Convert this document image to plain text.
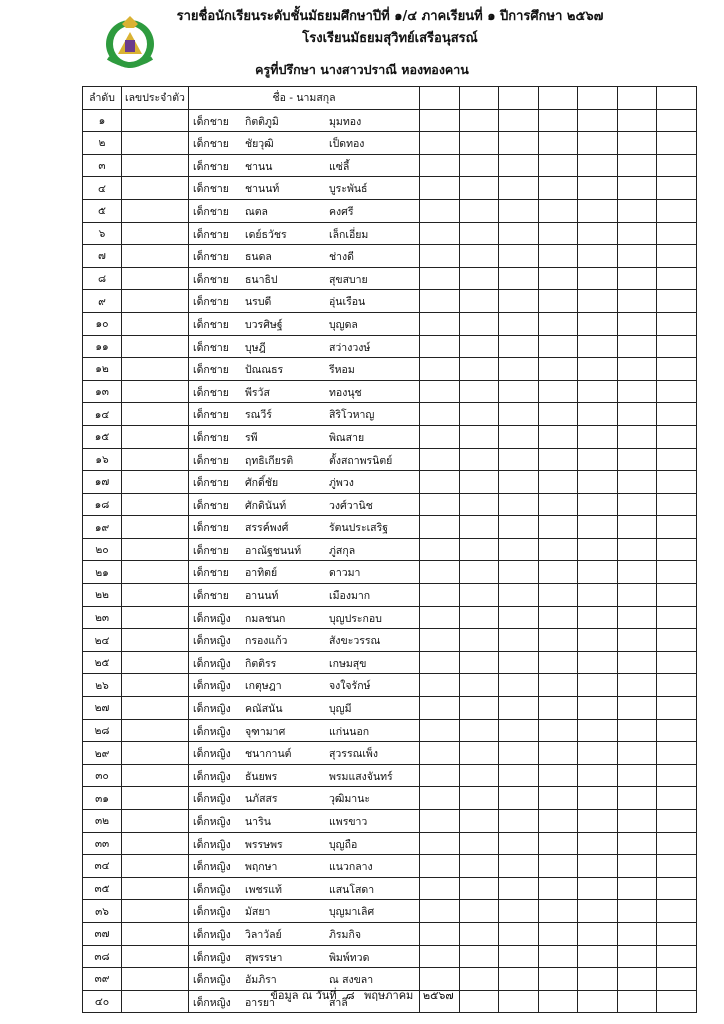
รายชื่อนักเรียนระดับชั้นมัธยมศึกษาปีที่ ๑/๔ ภาคเรียนที่ ๑ ปีการศึกษา ๒๕๖๗
โรงเรียนมัธยมสุวิทย์เสรีอนุสรณ์
ครูที่ปรึกษา นางสาวปราณี หองทองคาน
ลำดับ	เลขประจำตัว	ชื่อ - นามสกุล							
๑		เด็กชาย กิตติภูมิ มุมทอง							

๒		เด็กชาย ชัยวุฒิ เป็ดทอง							

๓		เด็กชาย ชานน แซ่ลี้							

๔		เด็กชาย ชานนท์ บูระพันธ์							

๕		เด็กชาย ณตล คงศรี							

๖		เด็กชาย เดย์ธวัชร เล็กเอี่ยม							

๗		เด็กชาย ธนดล ช่างดี							

๘		เด็กชาย ธนาธิป สุขสบาย							

๙		เด็กชาย นรบดี อุ่นเรือน							

๑๐		เด็กชาย บวรศิษฐ์ บุญดล							

๑๑		เด็กชาย บุษฎี สว่างวงษ์							

๑๒		เด็กชาย ปัณณธร รีหอม							

๑๓		เด็กชาย พีรวัส ทองนุช							

๑๔		เด็กชาย รณวีร์ สิริโวหาญ							

๑๕		เด็กชาย รพี พิณสาย							

๑๖		เด็กชาย ฤทธิเกียรติ ตั้งสถาพรนิตย์							

๑๗		เด็กชาย ศักดิ์ชัย ภู่พวง							

๑๘		เด็กชาย ศักดินันท์ วงศ์วานิช							

๑๙		เด็กชาย สรรค์พงศ์ รัตนประเสริฐ							

๒๐		เด็กชาย อาณัฐชนนท์ ภู่สกุล							

๒๑		เด็กชาย อาทิตย์ ดาวมา							

๒๒		เด็กชาย อานนท์ เมืองมาก							

๒๓		เด็กหญิง กมลชนก บุญประกอบ							

๒๔		เด็กหญิง กรองแก้ว สังขะวรรณ							

๒๕		เด็กหญิง กิตติรร เกษมสุข							

๒๖		เด็กหญิง เกตุษฎา จงใจรักษ์							

๒๗		เด็กหญิง คณัสนัน บุญมี							

๒๘		เด็กหญิง จุฑามาศ แก่นนอก							

๒๙		เด็กหญิง ชนากานต์ สุวรรณเพ็ง							

๓๐		เด็กหญิง ธันยพร พรมแสงจันทร์							

๓๑		เด็กหญิง นภัสสร วุฒิมานะ							

๓๒		เด็กหญิง นาริน แพรขาว							

๓๓		เด็กหญิง พรรษพร บุญถือ							

๓๔		เด็กหญิง พฤกษา แนวกลาง							

๓๕		เด็กหญิง เพชรแท้ แสนโสดา							

๓๖		เด็กหญิง มัสยา บุญมาเลิศ							

๓๗		เด็กหญิง วิลาวัลย์ ภิรมกิจ							

๓๘		เด็กหญิง สุพรรษา พิมพ์ทวด							

๓๙		เด็กหญิง อัมภิรา ณ สงขลา							

๔๐		เด็กหญิง อารยา สาลี							

ข้อมูล ณ วันที่ ๘ พฤษภาคม ๒๕๖๗
